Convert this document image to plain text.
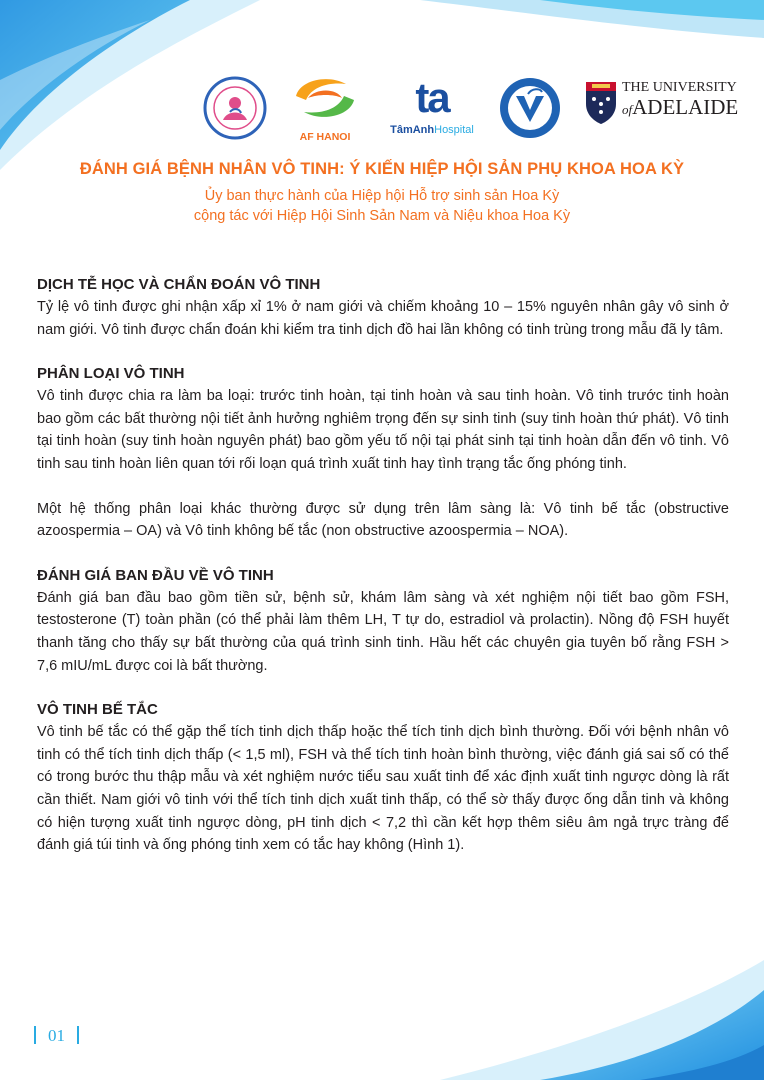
AF HANOI
ta
TâmAnhHospital
THE UNIVERSITY
ofADELAIDE
ĐÁNH GIÁ BỆNH NHÂN VÔ TINH: Ý KIẾN HIỆP HỘI SẢN PHỤ KHOA HOA KỲ
Ủy ban thực hành của Hiệp hội Hỗ trợ sinh sản Hoa Kỳ
cộng tác với Hiệp Hội Sinh Sản Nam và Niệu khoa Hoa Kỳ
DỊCH TỄ HỌC VÀ CHẨN ĐOÁN VÔ TINH

Tỷ lệ vô tinh được ghi nhận xấp xỉ 1% ở nam giới và chiếm khoảng 10 – 15% nguyên nhân gây vô sinh ở nam giới. Vô tinh được chẩn đoán khi kiểm tra tinh dịch đồ hai lần không có tinh trùng trong mẫu đã ly tâm.

PHÂN LOẠI VÔ TINH

Vô tinh được chia ra làm ba loại: trước tinh hoàn, tại tinh hoàn và sau tinh hoàn. Vô tinh trước tinh hoàn bao gồm các bất thường nội tiết ảnh hưởng nghiêm trọng đến sự sinh tinh (suy tinh hoàn thứ phát). Vô tinh tại tinh hoàn (suy tinh hoàn nguyên phát) bao gồm yếu tố nội tại phát sinh tại tinh hoàn dẫn đến vô tinh. Vô tinh sau tinh hoàn liên quan tới rối loạn quá trình xuất tinh hay tình trạng tắc ống phóng tinh.

Một hệ thống phân loại khác thường được sử dụng trên lâm sàng là: Vô tinh bế tắc (obstructive azoospermia – OA) và Vô tinh không bế tắc (non obstructive azoospermia – NOA).

ĐÁNH GIÁ BAN ĐẦU VỀ VÔ TINH

Đánh giá ban đầu bao gồm tiền sử, bệnh sử, khám lâm sàng và xét nghiệm nội tiết bao gồm FSH, testosterone (T) toàn phần (có thể phải làm thêm LH, T tự do, estradiol và prolactin). Nồng độ FSH huyết thanh tăng cho thấy sự bất thường của quá trình sinh tinh. Hầu hết các chuyên gia tuyên bố rằng FSH > 7,6 mIU/mL được coi là bất thường.

VÔ TINH BẾ TẮC

Vô tinh bế tắc có thể gặp thể tích tinh dịch thấp hoặc thể tích tinh dịch bình thường. Đối với bệnh nhân vô tinh có thể tích tinh dịch thấp (< 1,5 ml), FSH và thể tích tinh hoàn bình thường, việc đánh giá sai số có thể có trong bước thu thập mẫu và xét nghiệm nước tiểu sau xuất tinh để xác định xuất tinh ngược dòng là rất cần thiết. Nam giới vô tinh với thể tích tinh dịch xuất tinh thấp, có thể sờ thấy được ống dẫn tinh và không có hiện tượng xuất tinh ngược dòng, pH tinh dịch < 7,2 thì cần kết hợp thêm siêu âm ngả trực tràng để đánh giá túi tinh và ống phóng tinh xem có tắc hay không (Hình 1).

01
